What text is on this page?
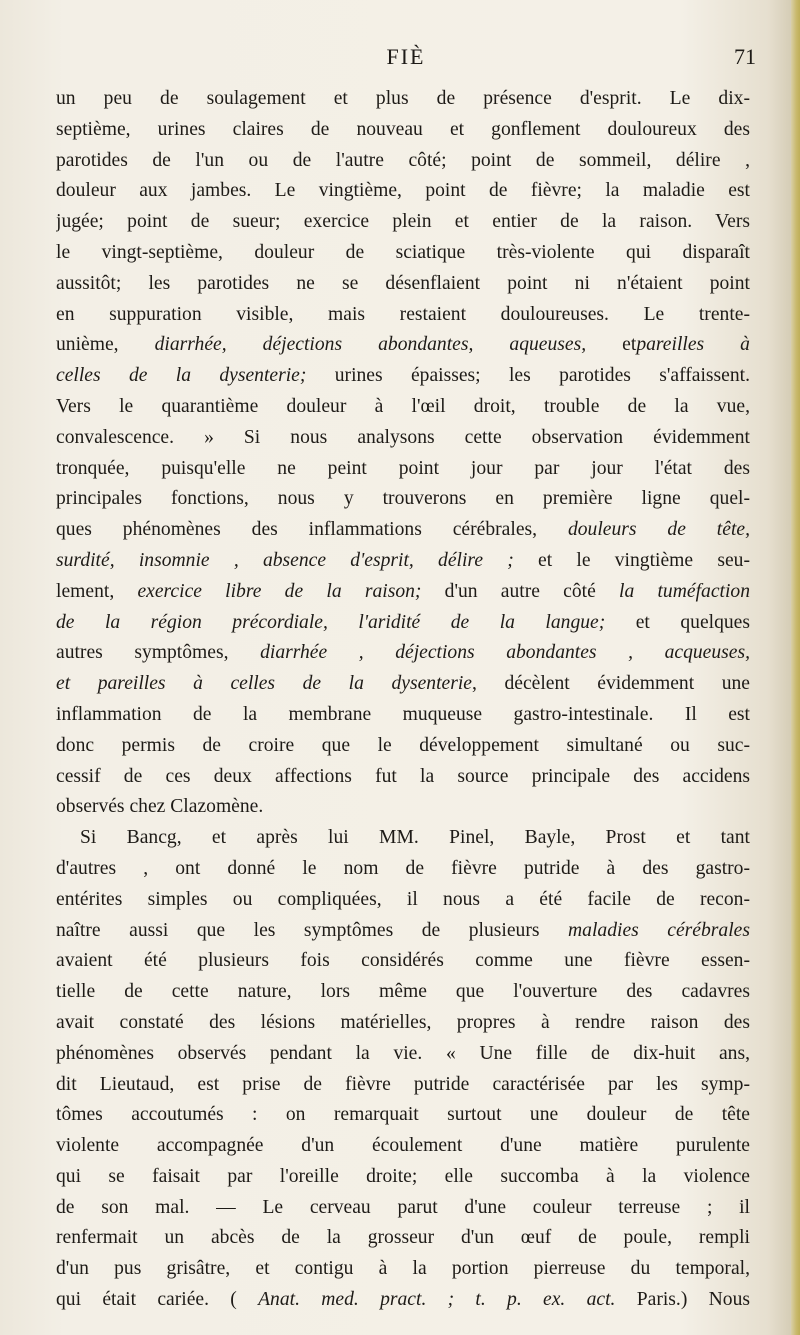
FIÈ	71
un peu de soulagement et plus de présence d'esprit. Le dix-
septième, urines claires de nouveau et gonflement douloureux des
parotides de l'un ou de l'autre côté; point de sommeil, délire ,
douleur aux jambes. Le vingtième, point de fièvre; la maladie est
jugée; point de sueur; exercice plein et entier de la raison. Vers
le vingt-septième, douleur de sciatique très-violente qui disparaît
aussitôt; les parotides ne se désenflaient point ni n'étaient point
en suppuration visible, mais restaient douloureuses. Le trente-
unième, diarrhée, déjections abondantes, aqueuses, etpareilles à
celles de la dysenterie; urines épaisses; les parotides s'affaissent.
Vers le quarantième douleur à l'œil droit, trouble de la vue,
convalescence. » Si nous analysons cette observation évidemment
tronquée, puisqu'elle ne peint point jour par jour l'état des
principales fonctions, nous y trouverons en première ligne quel-
ques phénomènes des inflammations cérébrales, douleurs de tête,
surdité, insomnie , absence d'esprit, délire ; et le vingtième seu-
lement, exercice libre de la raison; d'un autre côté la tuméfaction
de la région précordiale, l'aridité de la langue; et quelques
autres symptômes, diarrhée , déjections abondantes , acqueuses,
et pareilles à celles de la dysenterie, décèlent évidemment une
inflammation de la membrane muqueuse gastro-intestinale. Il est
donc permis de croire que le développement simultané ou suc-
cessif de ces deux affections fut la source principale des accidens
observés chez Clazomène.
Si Bancg, et après lui MM. Pinel, Bayle, Prost et tant
d'autres , ont donné le nom de fièvre putride à des gastro-
entérites simples ou compliquées, il nous a été facile de recon-
naître aussi que les symptômes de plusieurs maladies cérébrales
avaient été plusieurs fois considérés comme une fièvre essen-
tielle de cette nature, lors même que l'ouverture des cadavres
avait constaté des lésions matérielles, propres à rendre raison des
phénomènes observés pendant la vie. « Une fille de dix-huit ans,
dit Lieutaud, est prise de fièvre putride caractérisée par les symp-
tômes accoutumés : on remarquait surtout une douleur de tête
violente accompagnée d'un écoulement d'une matière purulente
qui se faisait par l'oreille droite; elle succomba à la violence
de son mal. — Le cerveau parut d'une couleur terreuse ; il
renfermait un abcès de la grosseur d'un œuf de poule, rempli
d'un pus grisâtre, et contigu à la portion pierreuse du temporal,
qui était cariée. ( Anat. med. pract. ; t. p. ex. act. Paris.) Nous
